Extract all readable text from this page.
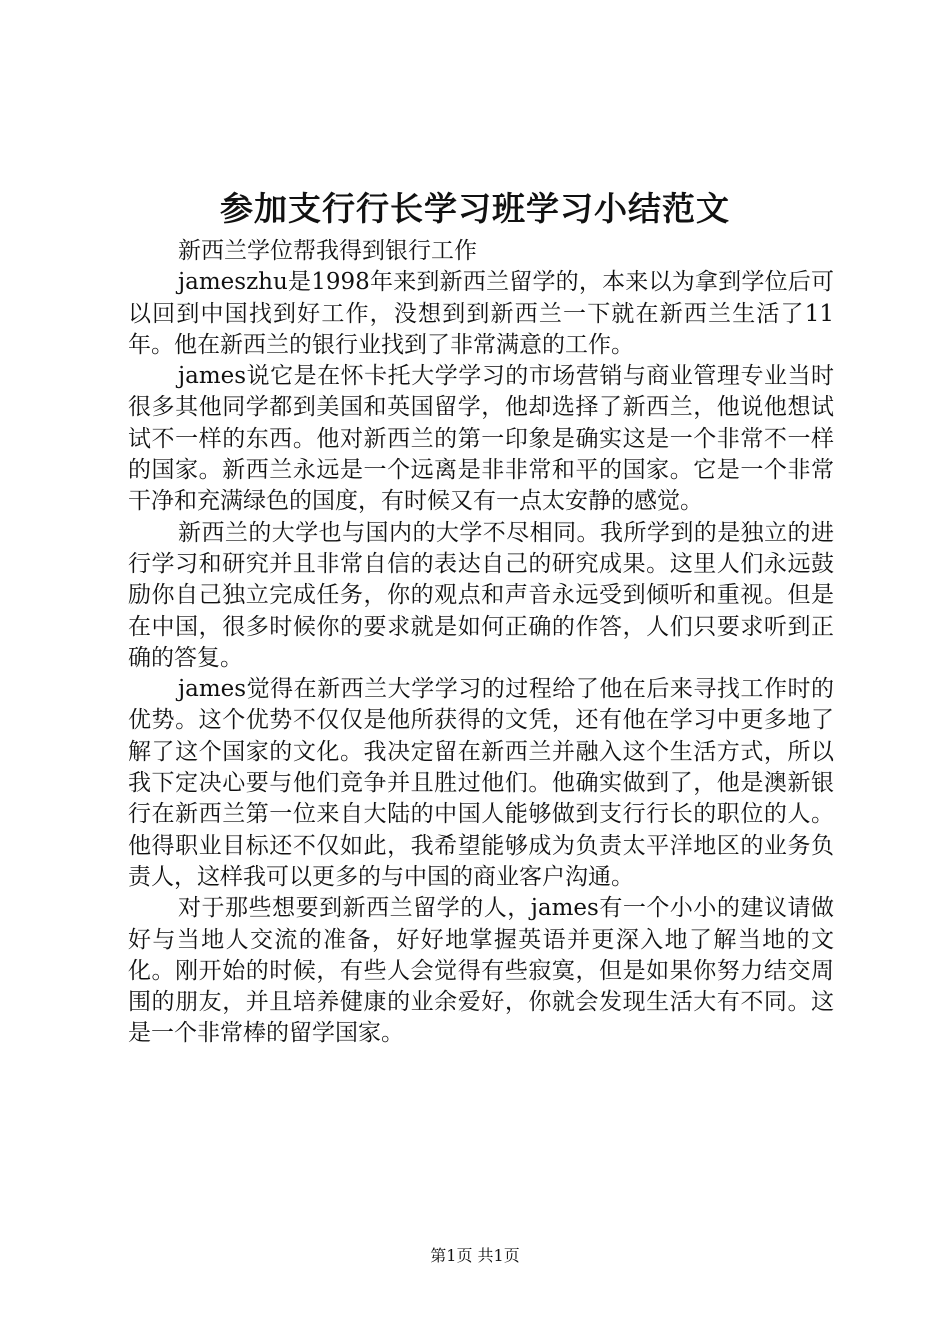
参加支行行长学习班学习小结范文

新西兰学位帮我得到银行工作

jameszhu是1998年来到新西兰留学的，本来以为拿到学位后可以回到中国找到好工作，没想到到新西兰一下就在新西兰生活了11年。他在新西兰的银行业找到了非常满意的工作。

james说它是在怀卡托大学学习的市场营销与商业管理专业当时很多其他同学都到美国和英国留学，他却选择了新西兰，他说他想试试不一样的东西。他对新西兰的第一印象是确实这是一个非常不一样的国家。新西兰永远是一个远离是非非常和平的国家。它是一个非常干净和充满绿色的国度，有时候又有一点太安静的感觉。

新西兰的大学也与国内的大学不尽相同。我所学到的是独立的进行学习和研究并且非常自信的表达自己的研究成果。这里人们永远鼓励你自己独立完成任务，你的观点和声音永远受到倾听和重视。但是在中国，很多时候你的要求就是如何正确的作答，人们只要求听到正确的答复。

james觉得在新西兰大学学习的过程给了他在后来寻找工作时的优势。这个优势不仅仅是他所获得的文凭，还有他在学习中更多地了解了这个国家的文化。我决定留在新西兰并融入这个生活方式，所以我下定决心要与他们竞争并且胜过他们。他确实做到了，他是澳新银行在新西兰第一位来自大陆的中国人能够做到支行行长的职位的人。他得职业目标还不仅如此，我希望能够成为负责太平洋地区的业务负责人，这样我可以更多的与中国的商业客户沟通。

对于那些想要到新西兰留学的人，james有一个小小的建议请做好与当地人交流的准备，好好地掌握英语并更深入地了解当地的文化。刚开始的时候，有些人会觉得有些寂寞，但是如果你努力结交周围的朋友，并且培养健康的业余爱好，你就会发现生活大有不同。这是一个非常棒的留学国家。

第1页 共1页
